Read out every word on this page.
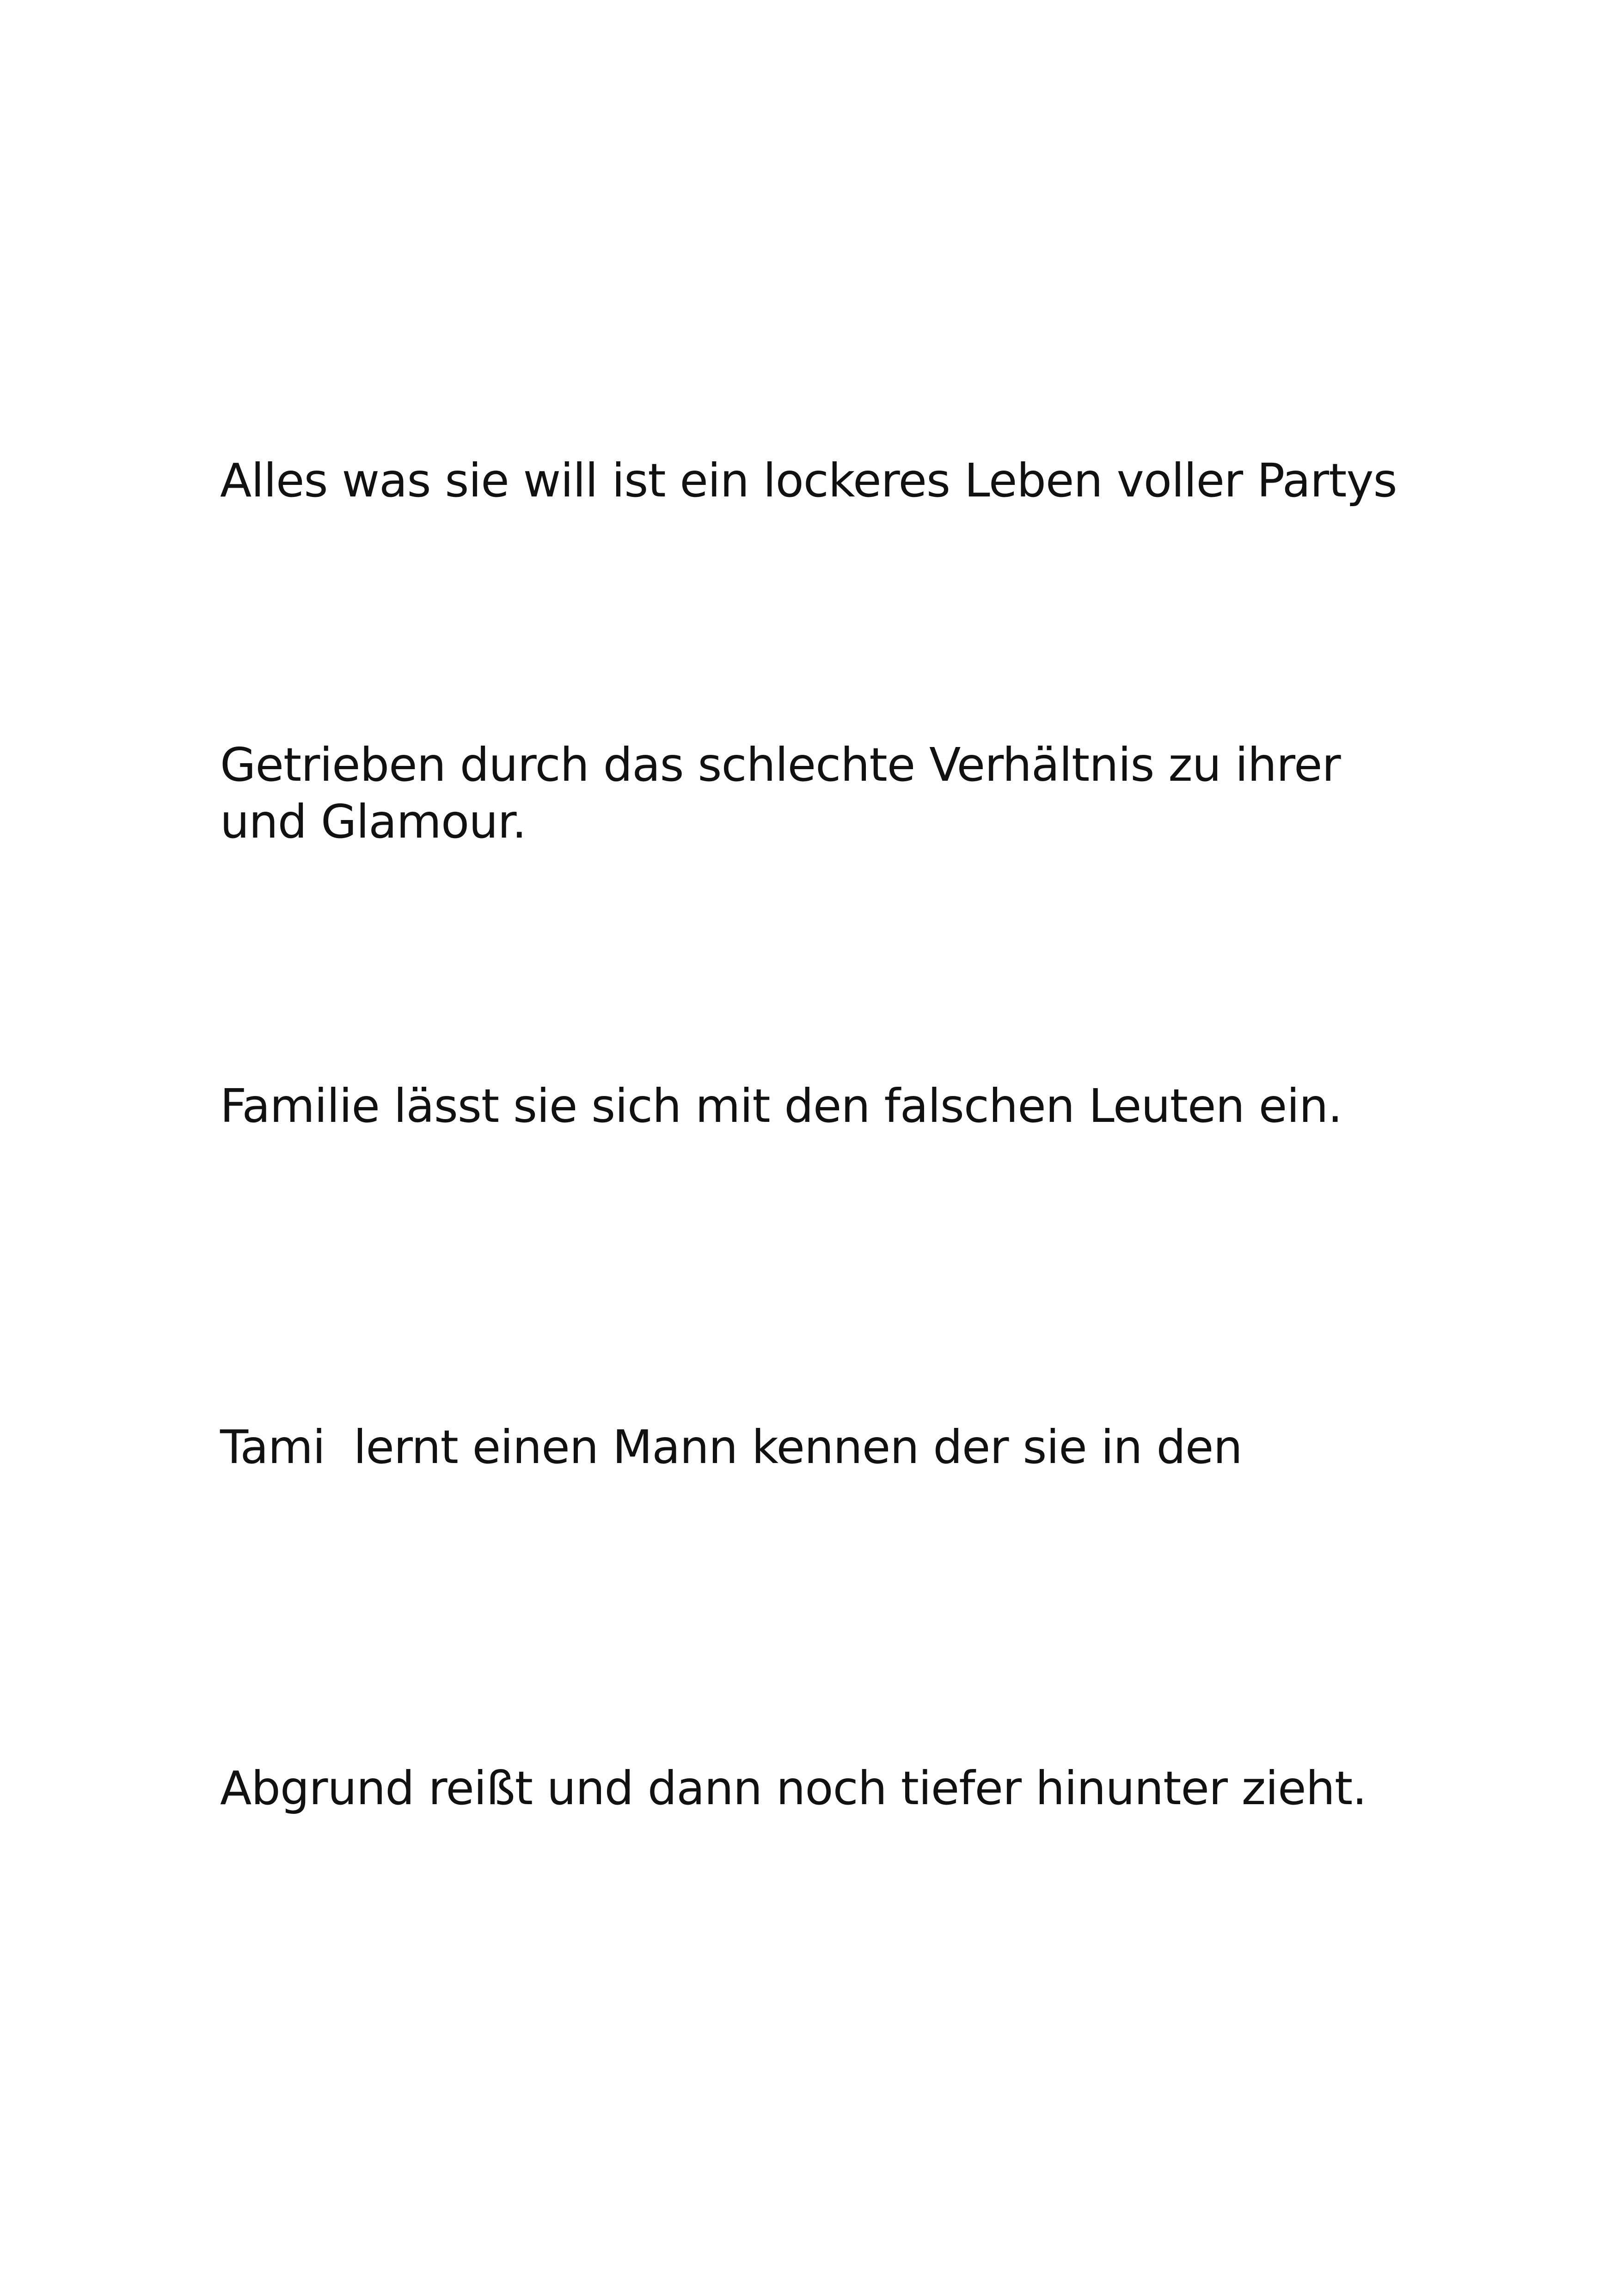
Alles was sie will ist ein lockeres Leben voller Partys

und Glamour.

Getrieben durch das schlechte Verhältnis zu ihrer

Familie lässt sie sich mit den falschen Leuten ein.

Tami  lernt einen Mann kennen der sie in den

Abgrund reißt und dann noch tiefer hinunter zieht.
